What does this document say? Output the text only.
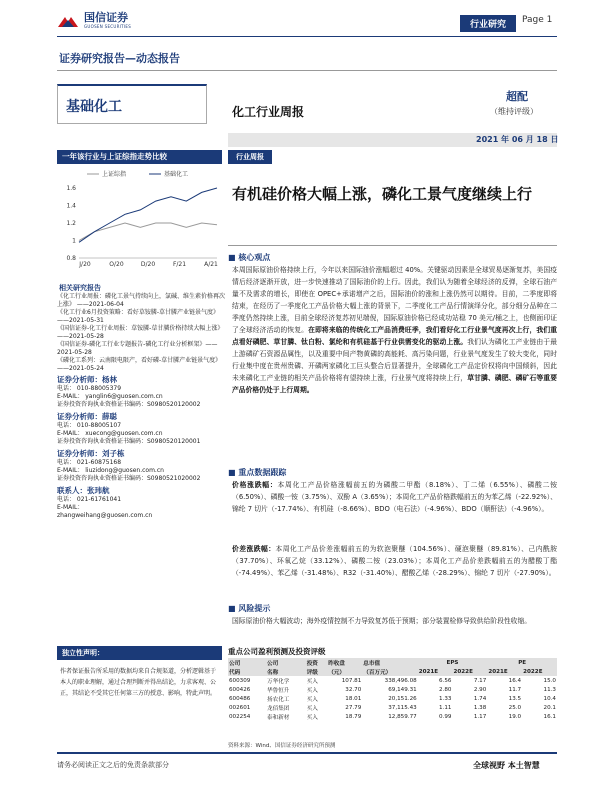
国信证券
GUOSEN SECURITIES	行业研究	Page 1
证券研究报告—动态报告
基础化工	化工行业周报
超配
（维持评级）
2021 年 06 月 18 日
一年该行业与上证综指走势比较
1.6
1.4
1.2
1
0.8
J/20	O/20	D/20	F/21	A/21
上证综指	基础化工
相关研究报告
《化工行业周报：磷化工景气持续向上，氯碱、维生素价格再次上涨》 ——2021-06-04
《化工行业6月投资策略：看好草铵膦-草甘膦产业链景气度》 ——2021-05-31
《国信证券-化工行业周报：草铵膦-草甘膦价格持续大幅上涨》 ——2021-05-28
《国信证券-磷化工行业专题报告-磷化工行业分析框架》——2021-05-28
《磷化工系列：云南限电限产，看好磷-草甘膦产业链景气度》 ——2021-05-24
证券分析师：杨林
电话： 010-88005379
E-MAIL： yanglin6@guosen.com.cn
证券投资咨询执业资格证书编码：S0980520120002
证券分析师：薛聪
电话： 010-88005107
E-MAIL： xuecong@guosen.com.cn
证券投资咨询执业资格证书编码：S0980520120001
证券分析师：刘子栋
电话： 021-60875168
E-MAIL： liuzidong@guosen.com.cn
证券投资咨询执业资格证书编码：S0980521020002
联系人：张玮航
电话： 021-61761041
E-MAIL：
zhangweihang@guosen.com.cn
行业周报
有机硅价格大幅上涨，磷化工景气度继续上行
■ 核心观点
本周国际原油价格持续上行，今年以来国际油价涨幅超过 40%。关键驱动因素是全球贸易逐渐复苏，美国疫情后经济逐渐开放，进一步快速推动了国际油价的上行。因此，我们认为随着全球经济的反弹，全球石油产量不及需求的增长，即使在 OPEC+承诺增产之后，国际油价的涨和上涨仍然可以期待。目前，二季度即将结束，在经历了一季度化工产品价格大幅上涨的背景下，二季度化工产品行情演绎分化，部分细分品种在二季度仍然持续上涨，目前全球经济复苏初见端倪，国际原油价格已经成功站稳 70 美元/桶之上，也侧面印证了全球经济活动的恢复。在即将来临的传统化工产品消费旺季，我们看好化工行业景气度再次上行，我们重点看好磷肥、草甘膦、钛白粉、氯纶和有机硅基于行业供需变化的驱动上涨。我们认为磷化工产业链由于最上游磷矿石资源品属性，以及重要中间产物黄磷的高能耗、高污染问题，行业景气度发生了较大变化，同时行业集中度在贵州贵磷、开磷两家磷化工巨头整合后显著提升，全球磷化工产品定价权将向中国倾斜，因此未来磷化工产业链的相关产品价格将有望持续上涨，行业景气度将持续上行，草甘膦、磷肥、磷矿石等重要产品价格仍处于上行周期。
■ 重点数据跟踪
价格涨跌幅：本周化工产品价格涨幅前五的为磷酸二甲酯（8.18%）、丁二烯（6.55%）、磷酸二铵（6.50%）、磷酸一铵（3.75%）、双酚 A（3.65%）；本周化工产品价格跌幅前五的为苯乙烯（-22.92%）、锦纶 7 切片（-17.74%）、有机硅（-8.66%）、BDO（电石法）（-4.96%）、BDO（顺酐法）（-4.96%）。
价差涨跌幅：本周化工产品价差涨幅前五的为软泡聚醚（104.56%）、硬泡聚醚（89.81%）、己内酰胺（37.70%）、环氧乙烷（33.12%）、磷酸二铵（23.03%）；本周化工产品价差跌幅前五的为醋酸丁酯（-74.49%）、苯乙烯（-31.48%）、R32（-31.40%）、醋酸乙烯（-28.29%）、锦纶 7 切片（-27.90%）。
■ 风险提示
国际原油价格大幅波动；海外疫情控制不力导致复苏低于预期；部分装置检修导致供给阶段性收缩。
独立性声明：
作者保证报告所采用的数据均来自合规渠道，分析逻辑基于本人的职业理解，通过合理判断并得出结论，力求客观、公正，其结论不受其它任何第三方的授意、影响，特此声明。
重点公司盈利预测及投资评级
公司	公司	投资	昨收盘	总市值	EPS		PE	
代码	名称	评级	（元）	（百万元）	2021E	2022E	2021E	2022E
600309	万华化学	买入	107.81	338,496.08	6.56	7.17	16.4	15.0
600426	华鲁恒升	买入	32.70	69,149.31	2.80	2.90	11.7	11.3
600486	扬农化工	买入	18.01	20,151.26	1.33	1.74	13.5	10.4
002601	龙佰集团	买入	27.79	37,115.43	1.11	1.38	25.0	20.1
002254	泰和新材	买入	18.79	12,859.77	0.99	1.17	19.0	16.1
资料来源：Wind、国信证券经济研究所预测
请务必阅读正文之后的免责条款部分	全球视野 本土智慧
